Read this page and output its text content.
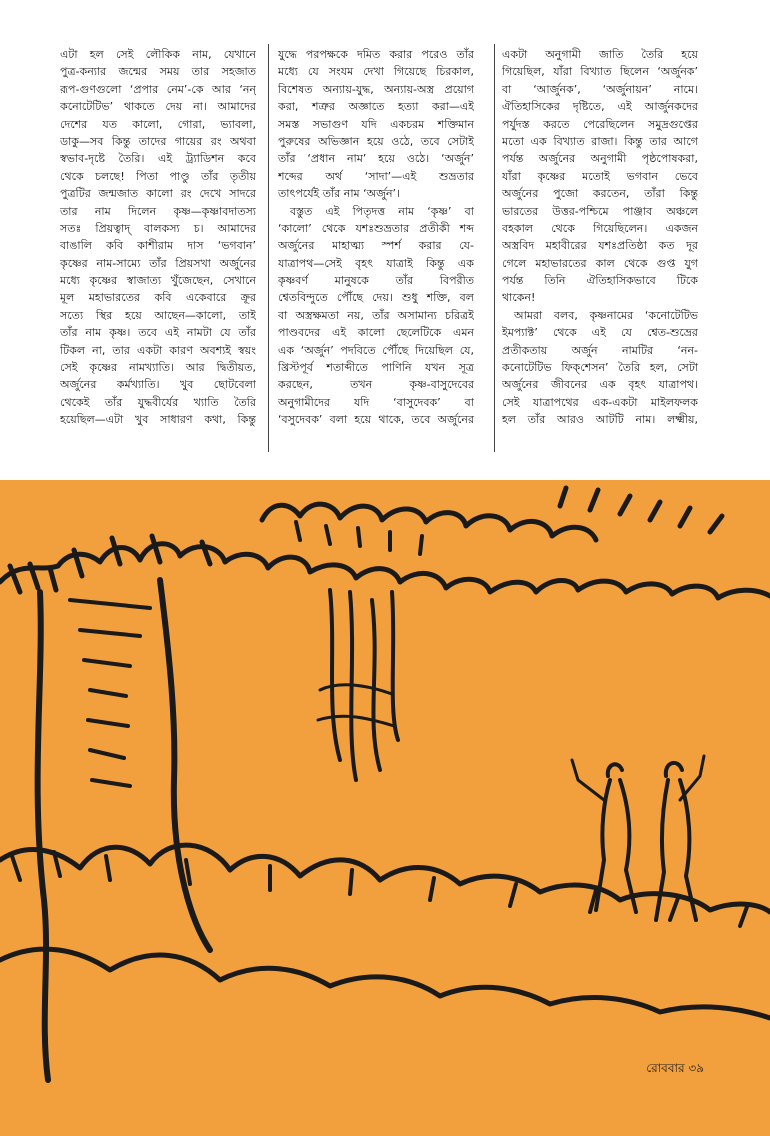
এটা হল সেই লৌকিক নাম, যেখানে
পুত্র-কন্যার জন্মের সময় তার সহজাত
রূপ-গুণগুলো ‘প্রপার নেম’-কে আর ‘নন্‌
কনোটেটিভ’ থাকতে দেয় না। আমাদের
দেশের যত কালো, গোরা, ভ্যাবলা,
ডাকু—সব কিন্তু তাদের গায়ের রং অথবা
স্বভাব-দৃষ্টে তৈরি। এই ট্র্যাডিশন কবে
থেকে চলছে! পিতা পাণ্ডু তাঁর তৃতীয়
পুত্রটির জন্মজাত কালো রং দেখে সাদরে
তার নাম দিলেন কৃষ্ণ—কৃষ্ণাবদাতস্য
সতঃ প্রিয়ত্বাদ্‌ বালকস্য চ। আমাদের
বাঙালি কবি কাশীরাম দাস ‘ভগবান’
কৃষ্ণের নাম-সাম্যে তাঁর প্রিয়সখা অর্জুনের
মধ্যে কৃষ্ণের স্বাজাত্য খুঁজেছেন, সেখানে
মূল মহাভারতের কবি একেবারে ক্রূর
সত্যে স্থির হয়ে আছেন—কালো, তাই
তাঁর নাম কৃষ্ণ। তবে এই নামটা যে তাঁর
টিকল না, তার একটা কারণ অবশ্যই স্বয়ং
সেই কৃষ্ণের নামখ্যাতি। আর দ্বিতীয়ত,
অর্জুনের কর্মখ্যাতি। খুব ছোটবেলা
থেকেই তাঁর যুদ্ধবীর্যের খ্যাতি তৈরি
হয়েছিল—এটা খুব সাধারণ কথা, কিন্তু
যুদ্ধে পরপক্ষকে দমিত করার পরেও তাঁর
মধ্যে যে সংযম দেখা গিয়েছে চিরকাল,
বিশেষত অন্যায়-যুদ্ধ, অন্যায়-অস্ত্র প্রয়োগ
করা, শত্রুর অজ্ঞাতে হত্যা করা—এই
সমস্ত সভাগুণ যদি একচরম শক্তিমান
পুরুষের অভিজ্ঞান হয়ে ওঠে, তবে সেটাই
তাঁর ‘প্রধান নাম’ হয়ে ওঠে। ‘অর্জুন’
শব্দের অর্থ ‘সাদা’—এই শুভ্রতার
তাৎপর্যেই তাঁর নাম ‘অর্জুন’।
বস্তুত এই পিতৃদত্ত নাম ‘কৃষ্ণ’ বা
‘কালো’ থেকে যশঃশুভ্রতার প্রতীকী শব্দ
অর্জুনের মাহাত্ম্য স্পর্শ করার যে-
যাত্রাপথ—সেই বৃহৎ যাত্রাই কিন্তু এক
কৃষ্ণবর্ণ মানুষকে তাঁর বিপরীত
শ্বেতবিন্দুতে পৌঁছে দেয়। শুধু শক্তি, বল
বা অস্ত্রক্ষমতা নয়, তাঁর অসামান্য চরিত্রই
পাণ্ডবদের এই কালো ছেলেটিকে এমন
এক ‘অর্জুন’ পদবিতে পৌঁছে দিয়েছিল যে,
খ্রিস্টপূর্ব শতাব্দীতে পাণিনি যখন সূত্র
করছেন, তখন কৃষ্ণ-বাসুদেবের
অনুগামীদের যদি ‘বাসুদেবক’ বা
‘বসুদেবক’ বলা হয়ে থাকে, তবে অর্জুনের
একটা অনুগামী জাতি তৈরি হয়ে
গিয়েছিল, যাঁরা বিখ্যাত ছিলেন ‘অর্জুনক’
বা ‘আর্জুনক’, ‘অর্জুনায়ন’ নামে।
ঐতিহাসিকের দৃষ্টিতে, এই আর্জুনকদের
পর্যুদস্ত করতে পেরেছিলেন সমুদ্রগুপ্তের
মতো এক বিখ্যাত রাজা। কিন্তু তার আগে
পর্যন্ত অর্জুনের অনুগামী পৃষ্ঠপোষকরা,
যাঁরা কৃষ্ণের মতোই ভগবান ভেবে
অর্জুনের পুজো করতেন, তাঁরা কিন্তু
ভারতের উত্তর-পশ্চিমে পাঞ্জাব অঞ্চলে
বহকাল থেকে গিয়েছিলেন। একজন
অস্ত্রবিদ মহাবীরের যশঃপ্রতিষ্ঠা কত দূর
গেলে মহাভারতের কাল থেকে গুপ্ত যুগ
পর্যন্ত তিনি ঐতিহাসিকভাবে টিকে
থাকেন!
আমরা বলব, কৃষ্ণনামের ‘কনোটেটিভ
ইমপ্যাক্ট’ থেকে এই যে শ্বেত-শুভ্রের
প্রতীকতায় অর্জুন নামটির ‘নন-
কনোটেটিভ ফিক্‌শেসন’ তৈরি হল, সেটা
অর্জুনের জীবনের এক বৃহৎ যাত্রাপথ।
সেই যাত্রাপথের এক-একটা মাইলফলক
হল তাঁর আরও আটটি নাম। লক্ষ্মীয়,
রোববার ৩৯
